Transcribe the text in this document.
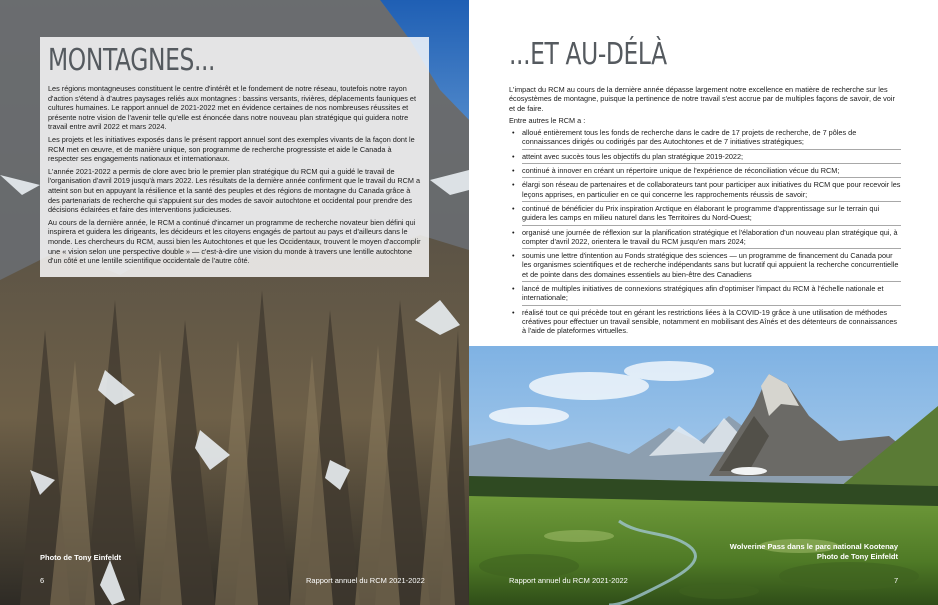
MONTAGNES...

Les régions montagneuses constituent le centre d'intérêt et le fondement de notre réseau, toutefois notre rayon d'action s'étend à d'autres paysages reliés aux montagnes : bassins versants, rivières, déplacements fauniques et cultures humaines. Le rapport annuel de 2021-2022 met en évidence certaines de nos nombreuses réussites et présente notre vision de l'avenir telle qu'elle est énoncée dans notre nouveau plan stratégique qui guidera notre travail entre avril 2022 et mars 2024.

Les projets et les initiatives exposés dans le présent rapport annuel sont des exemples vivants de la façon dont le RCM met en œuvre, et de manière unique, son programme de recherche progressiste et aide le Canada à respecter ses engagements nationaux et internationaux.

L'année 2021-2022 a permis de clore avec brio le premier plan stratégique du RCM qui a guidé le travail de l'organisation d'avril 2019 jusqu'à mars 2022. Les résultats de la dernière année confirment que le travail du RCM a atteint son but en appuyant la résilience et la santé des peuples et des régions de montagne du Canada grâce à des partenariats de recherche qui s'appuient sur des modes de savoir autochtone et occidental pour prendre des décisions éclairées et faire des interventions judicieuses.

Au cours de la dernière année, le RCM a continué d'incarner un programme de recherche novateur bien défini qui inspirera et guidera les dirigeants, les décideurs et les citoyens engagés de partout au pays et d'ailleurs dans le monde. Les chercheurs du RCM, aussi bien les Autochtones et que les Occidentaux, trouvent le moyen d'accomplir une « vision selon une perspective double » — c'est-à-dire une vision du monde à travers une lentille autochtone d'un côté et une lentille scientifique occidentale de l'autre côté.

Photo de Tony Einfeldt
6	Rapport annuel du RCM 2021-2022
...ET AU-DÉLÀ

L'impact du RCM au cours de la dernière année dépasse largement notre excellence en matière de recherche sur les écosystèmes de montagne, puisque la pertinence de notre travail s'est accrue par de multiples façons de savoir, de voir et de faire.

Entre autres le RCM a :

• alloué entièrement tous les fonds de recherche dans le cadre de 17 projets de recherche, de 7 pôles de connaissances dirigés ou codirigés par des Autochtones et de 7 initiatives stratégiques;
• atteint avec succès tous les objectifs du plan stratégique 2019-2022;
• continué à innover en créant un répertoire unique de l'expérience de réconciliation vécue du RCM;
• élargi son réseau de partenaires et de collaborateurs tant pour participer aux initiatives du RCM que pour recevoir les leçons apprises, en particulier en ce qui concerne les rapprochements réussis de savoir;
• continué de bénéficier du Prix inspiration Arctique en élaborant le programme d'apprentissage sur le terrain qui guidera les camps en milieu naturel dans les Territoires du Nord-Ouest;
• organisé une journée de réflexion sur la planification stratégique et l'élaboration d'un nouveau plan stratégique qui, à compter d'avril 2022, orientera le travail du RCM jusqu'en mars 2024;
• soumis une lettre d'intention au Fonds stratégique des sciences — un programme de financement du Canada pour les organismes scientifiques et de recherche indépendants sans but lucratif qui appuient la recherche concurrentielle et de pointe dans des domaines essentiels au bien-être des Canadiens
• lancé de multiples initiatives de connexions stratégiques afin d'optimiser l'impact du RCM à l'échelle nationale et internationale;
• réalisé tout ce qui précède tout en gérant les restrictions liées à la COVID-19 grâce à une utilisation de méthodes créatives pour effectuer un travail sensible, notamment en mobilisant des Aînés et des détenteurs de connaissances à l'aide de plateformes virtuelles.
Wolverine Pass dans le parc national Kootenay
Photo de Tony Einfeldt
Rapport annuel du RCM 2021-2022	7
